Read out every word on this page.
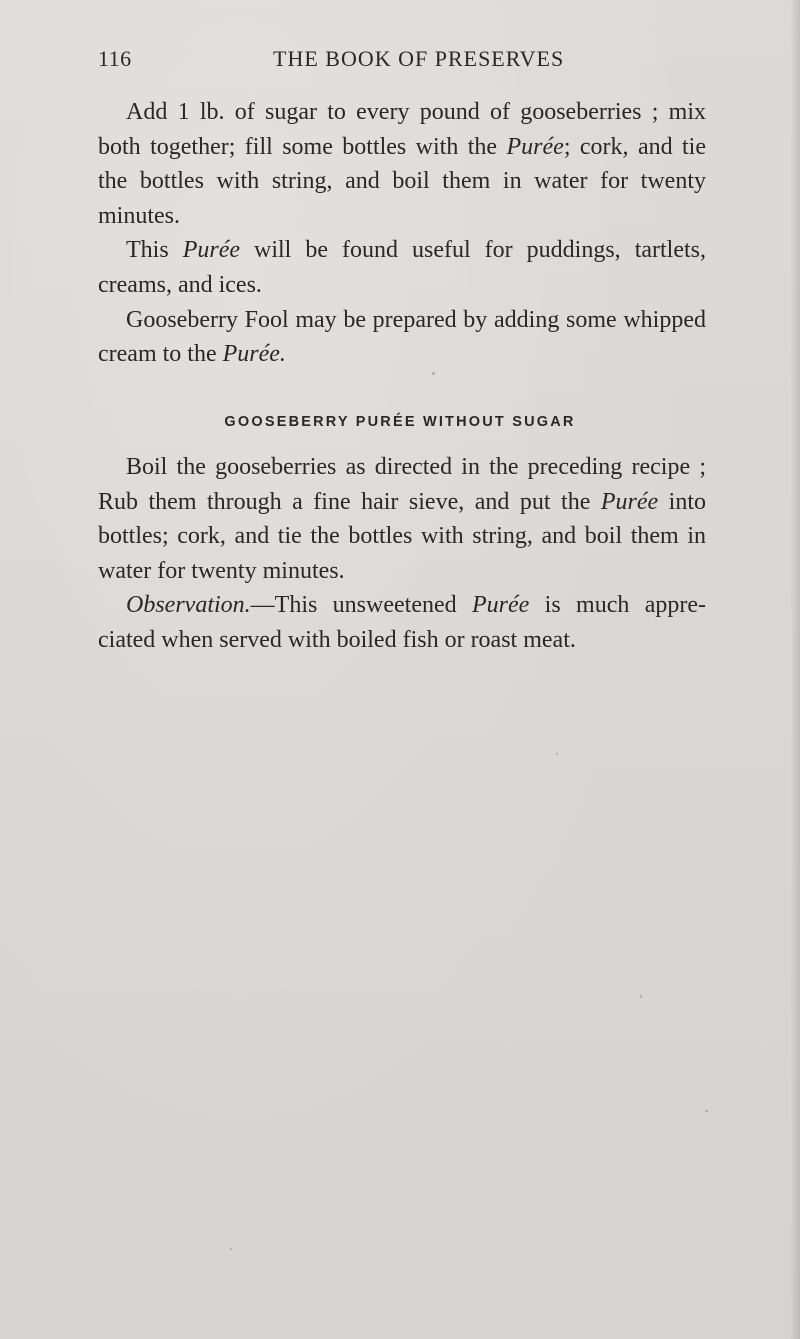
116	THE BOOK OF PRESERVES

Add 1 lb. of sugar to every pound of gooseberries ; mix both together; fill some bottles with the Purée; cork, and tie the bottles with string, and boil them in water for twenty minutes.

This Purée will be found useful for puddings, tartlets, creams, and ices.

Gooseberry Fool may be prepared by adding some whipped cream to the Purée.

GOOSEBERRY PURÉE WITHOUT SUGAR

Boil the gooseberries as directed in the preceding recipe ; Rub them through a fine hair sieve, and put the Purée into bottles; cork, and tie the bottles with string, and boil them in water for twenty minutes.

Observation.—This unsweetened Purée is much appreciated when served with boiled fish or roast meat.
